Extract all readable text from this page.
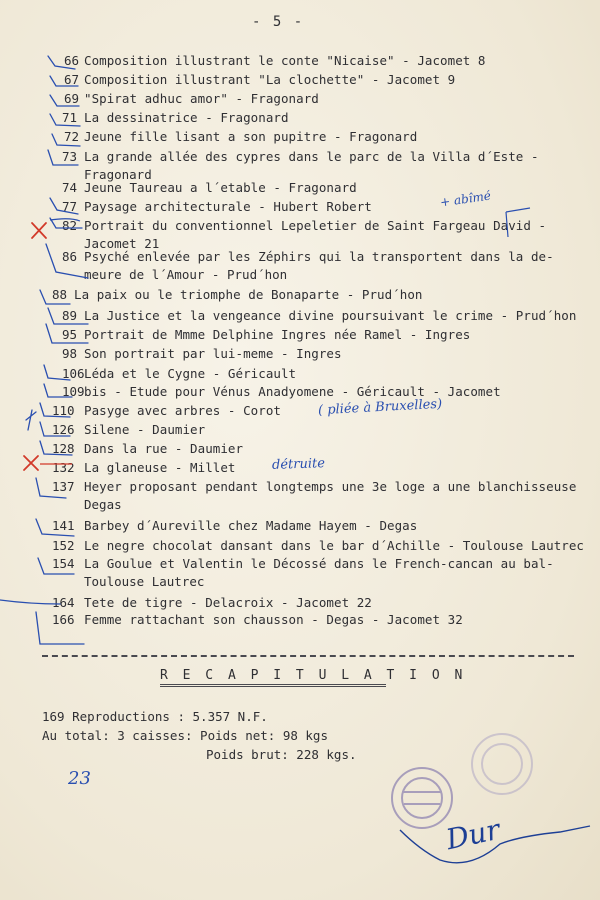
- 5 -
66 Composition illustrant le conte "Nicaise" - Jacomet 8
67 Composition illustrant "La clochette" - Jacomet 9
69 "Spirat adhuc amor" - Fragonard
71 La dessinatrice - Fragonard
72 Jeune fille lisant a son pupitre - Fragonard
73 La grande allée des cypres dans le parc de la Villa d´Este -
Fragonard
74 Jeune Taureau a l´etable - Fragonard
77 Paysage architecturale - Hubert Robert
82 Portrait du conventionnel Lepeletier de Saint Fargeau David -
Jacomet 21
86 Psyché enlevée par les Zéphirs qui la transportent dans la de-
meure de l´Amour - Prud´hon
88 La paix ou le triomphe de Bonaparte - Prud´hon
89 La Justice et la vengeance divine poursuivant le crime - Prud´hon
95 Portrait de Mmme Delphine Ingres née Ramel - Ingres
98 Son portrait par lui-meme - Ingres
106 Léda et le Cygne - Géricault
109 bis - Etude pour Vénus Anadyomene - Géricault - Jacomet
110 Pasyge avec arbres - Corot
126 Silene - Daumier
128 Dans la rue - Daumier
132 La glaneuse - Millet
137 Heyer proposant pendant longtemps une 3e loge a une blanchisseuse
Degas
141 Barbey d´Aureville chez Madame Hayem - Degas
152 Le negre chocolat dansant dans le bar d´Achille - Toulouse Lautrec
154 La Goulue et Valentin le Décossé dans le French-cancan au bal-
Toulouse Lautrec
164 Tete de tigre - Delacroix - Jacomet 22
166 Femme rattachant son chausson - Degas - Jacomet 32
R E C A P I T U L A T I O N
169 Reproductions : 5.357 N.F.
Au total: 3 caisses: Poids net: 98 kgs
Poids brut: 228 kgs.
+ abîmé
( pliée à Bruxelles)
détruite
23
Dur
